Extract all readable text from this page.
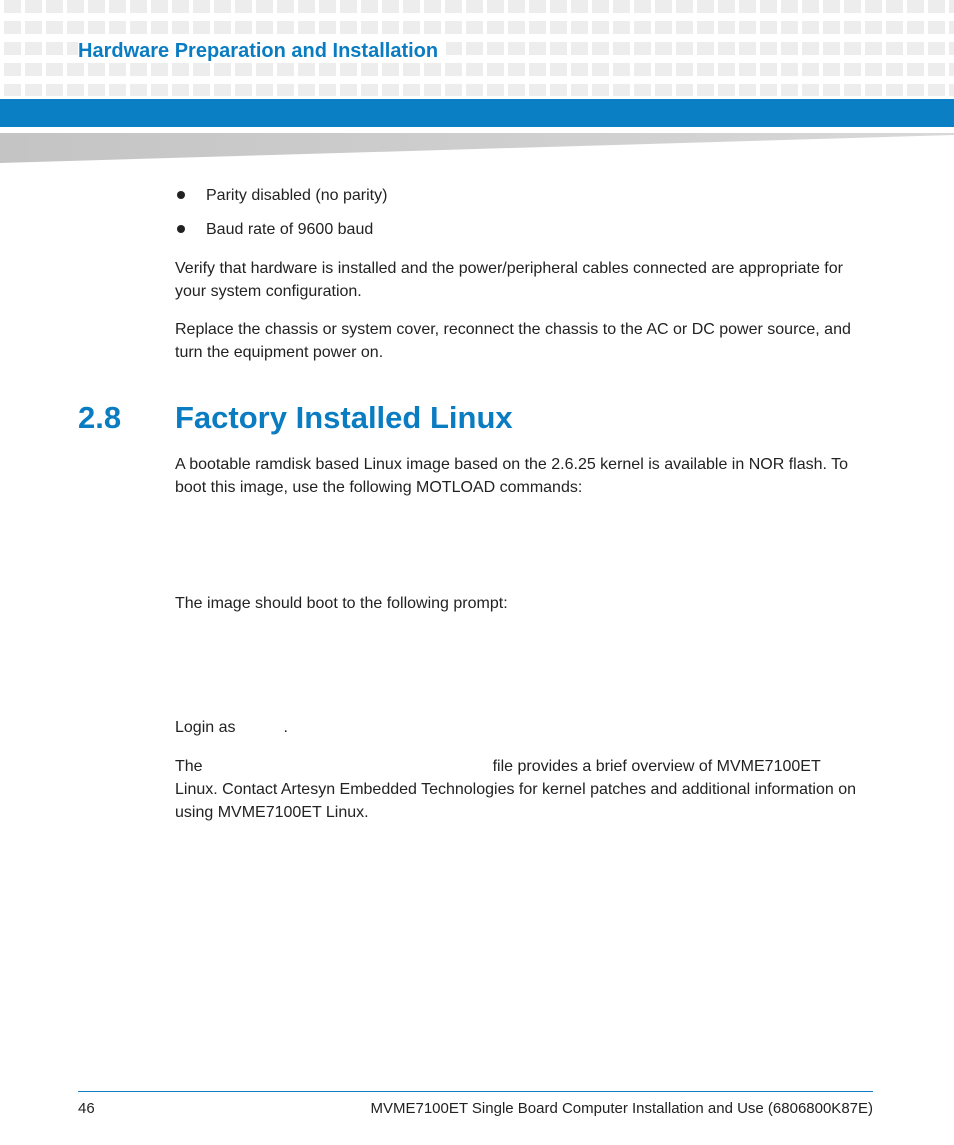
Hardware Preparation and Installation
Parity disabled (no parity)
Baud rate of 9600 baud
Verify that hardware is installed and the power/peripheral cables connected are appropriate for your system configuration.
Replace the chassis or system cover, reconnect the chassis to the AC or DC power source, and turn the equipment power on.
2.8 Factory Installed Linux
A bootable ramdisk based Linux image based on the 2.6.25 kernel is available in NOR flash. To boot this image, use the following MOTLOAD commands:
The image should boot to the following prompt:
Login as	.
The	file provides a brief overview of MVME7100ET
Linux. Contact Artesyn Embedded Technologies for kernel patches and additional information on using MVME7100ET Linux.
46	MVME7100ET Single Board Computer Installation and Use (6806800K87E)
